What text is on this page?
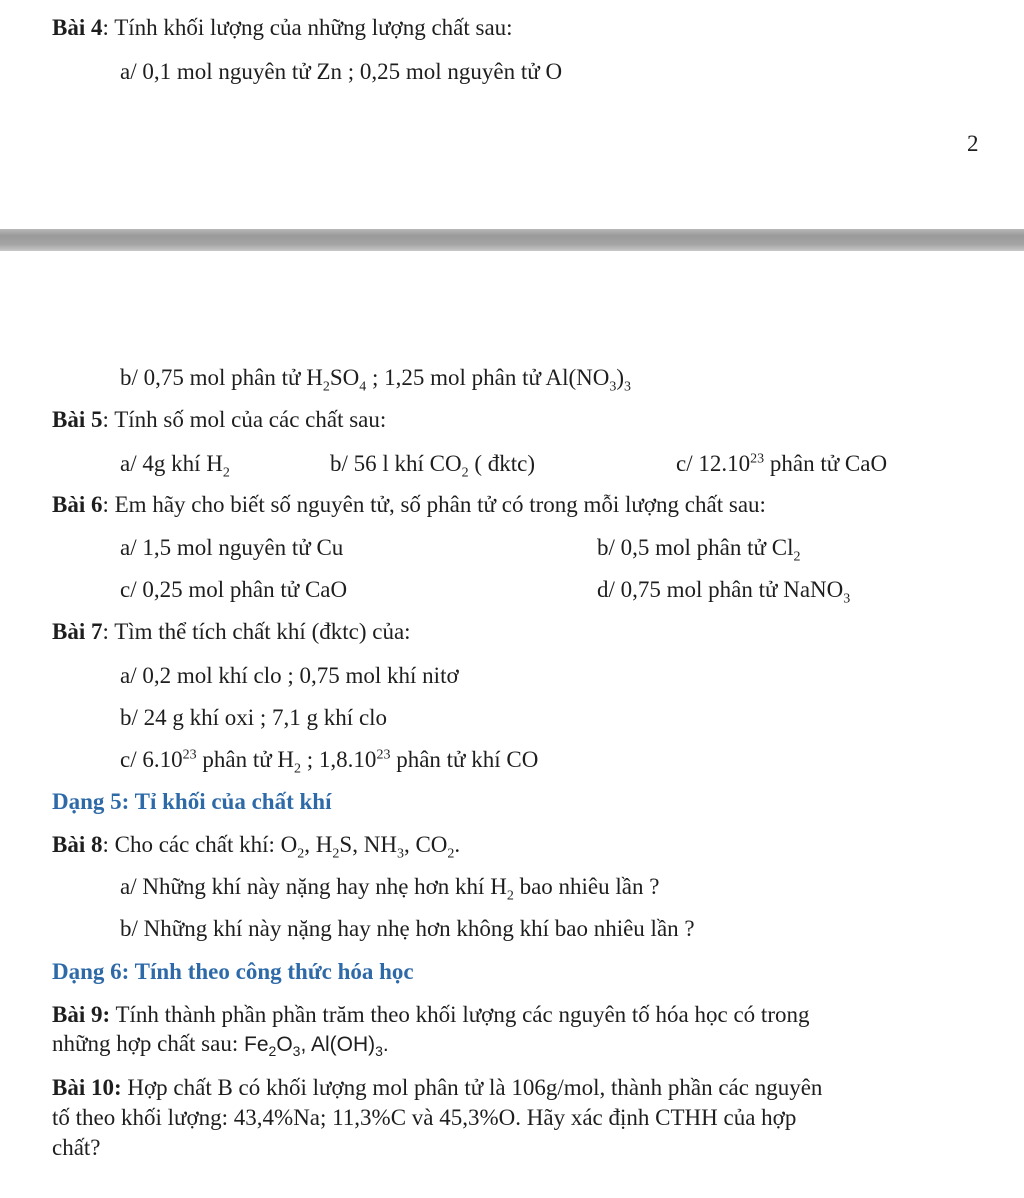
Bài 4: Tính khối lượng của những lượng chất sau:
a/ 0,1 mol nguyên tử Zn ; 0,25 mol nguyên tử O
2
b/ 0,75 mol phân tử $H_2SO_4$ ; 1,25 mol phân tử $Al(NO_3)_3$
Bài 5: Tính số mol của các chất sau:
a/ 4g khí $H_2$	b/ 56 l khí $CO_2$ ( đktc)	c/ 12.10$^{23}$ phân tử CaO
Bài 6: Em hãy cho biết số nguyên tử, số phân tử có trong mỗi lượng chất sau:
a/ 1,5 mol nguyên tử Cu	b/ 0,5 mol phân tử $Cl_2$
c/ 0,25 mol phân tử CaO	d/ 0,75 mol phân tử NaNO$_3$
Bài 7: Tìm thể tích chất khí (đktc) của:
a/ 0,2 mol khí clo ; 0,75 mol khí nitơ
b/ 24 g khí oxi ; 7,1 g khí clo
c/ 6.10$^{23}$ phân tử $H_2$ ; 1,8.10$^{23}$ phân tử khí CO
Dạng 5: Tỉ khối của chất khí
Bài 8: Cho các chất khí: $O_2$, $H_2S$, $NH_3$, $CO_2$.
a/ Những khí này nặng hay nhẹ hơn khí $H_2$ bao nhiêu lần ?
b/ Những khí này nặng hay nhẹ hơn không khí bao nhiêu lần ?
Dạng 6: Tính theo công thức hóa học
Bài 9: Tính thành phần phần trăm theo khối lượng các nguyên tố hóa học có trong
những hợp chất sau: $Fe_2O_3$, $Al(OH)_3$.
Bài 10: Hợp chất B có khối lượng mol phân tử là 106g/mol, thành phần các nguyên
tố theo khối lượng: 43,4%Na; 11,3%C và 45,3%O. Hãy xác định CTHH của hợp
chất?
